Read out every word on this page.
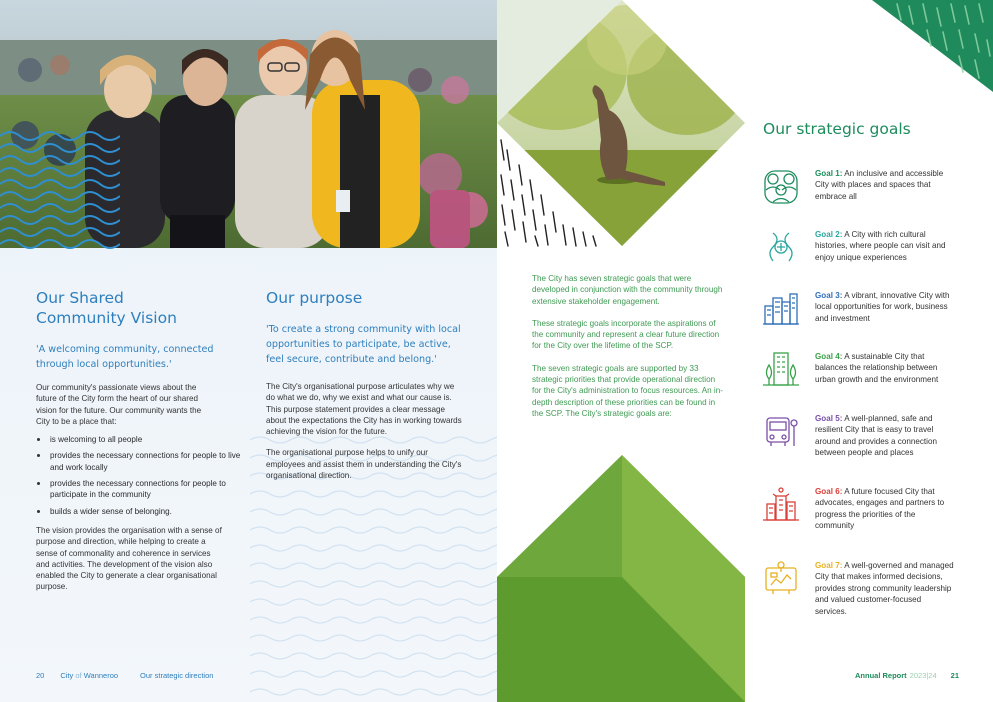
Our Shared Community Vision

'A welcoming community, connected through local opportunities.'

Our community's passionate views about the future of the City form the heart of our shared vision for the future. Our community wants the City to be a place that:

is welcoming to all people
provides the necessary connections for people to live and work locally
provides the necessary connections for people to participate in the community
builds a wider sense of belonging.

The vision provides the organisation with a sense of purpose and direction, while helping to create a sense of commonality and coherence in services and activities. The development of the vision also enabled the City to generate a clear organisational purpose.

Our purpose

'To create a strong community with local opportunities to participate, be active, feel secure, contribute and belong.'

The City's organisational purpose articulates why we do what we do, why we exist and what our cause is. This purpose statement provides a clear message about the expectations the City has in working towards achieving the vision for the future.

The organisational purpose helps to unify our employees and assist them in understanding the City's organisational direction.

20 City of Wanneroo	Our strategic direction

The City has seven strategic goals that were developed in conjunction with the community through extensive stakeholder engagement.

These strategic goals incorporate the aspirations of the community and represent a clear future direction for the City over the lifetime of the SCP.

The seven strategic goals are supported by 33 strategic priorities that provide operational direction for the City's administration to focus resources. An in-depth description of these priorities can be found in the SCP. The City's strategic goals are:

Our strategic goals
Goal 1: An inclusive and accessible City with places and spaces that embrace all
Goal 2: A City with rich cultural histories, where people can visit and enjoy unique experiences
Goal 3: A vibrant, innovative City with local opportunities for work, business and investment
Goal 4: A sustainable City that balances the relationship between urban growth and the environment
Goal 5: A well-planned, safe and resilient City that is easy to travel around and provides a connection between people and places
Goal 6: A future focused City that advocates, engages and partners to progress the priorities of the community
Goal 7: A well-governed and managed City that makes informed decisions, provides strong community leadership and valued customer-focused services.
Annual Report 2023|24 21
